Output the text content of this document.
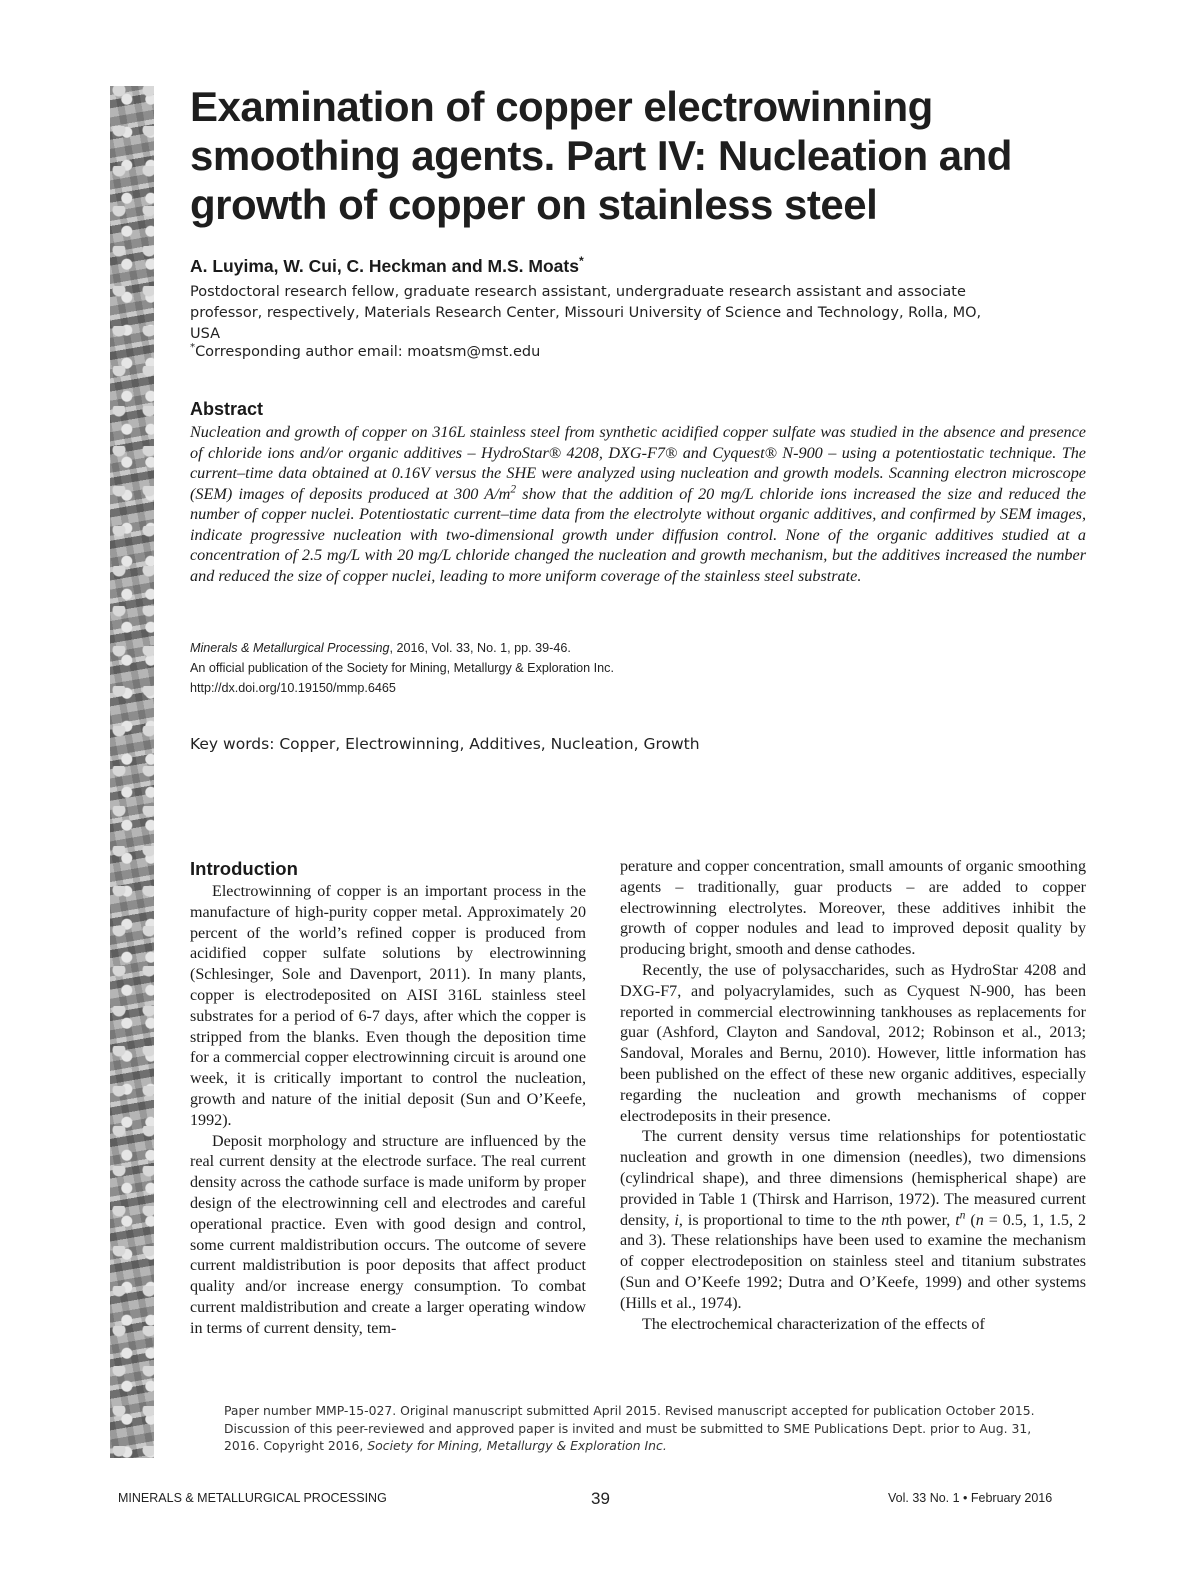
Examination of copper electrowinning smoothing agents. Part IV: Nucleation and growth of copper on stainless steel

A. Luyima, W. Cui, C. Heckman and M.S. Moats*

Postdoctoral research fellow, graduate research assistant, undergraduate research assistant and associate professor, respectively, Materials Research Center, Missouri University of Science and Technology, Rolla, MO, USA

*Corresponding author email: moatsm@mst.edu

Abstract

Nucleation and growth of copper on 316L stainless steel from synthetic acidified copper sulfate was studied in the absence and presence of chloride ions and/or organic additives – HydroStar® 4208, DXG-F7® and Cyquest® N-900 – using a potentiostatic technique. The current–time data obtained at 0.16V versus the SHE were analyzed using nucleation and growth models. Scanning electron microscope (SEM) images of deposits produced at 300 $A/m^2$ show that the addition of 20 mg/L chloride ions increased the size and reduced the number of copper nuclei. Potentiostatic current–time data from the electrolyte without organic additives, and confirmed by SEM images, indicate progressive nucleation with two-dimensional growth under diffusion control. None of the organic additives studied at a concentration of 2.5 mg/L with 20 mg/L chloride changed the nucleation and growth mechanism, but the additives increased the number and reduced the size of copper nuclei, leading to more uniform coverage of the stainless steel substrate.

Minerals & Metallurgical Processing, 2016, Vol. 33, No. 1, pp. 39-46.
An official publication of the Society for Mining, Metallurgy & Exploration Inc.
http://dx.doi.org/10.19150/mmp.6465

Key words: Copper, Electrowinning, Additives, Nucleation, Growth

Introduction

Electrowinning of copper is an important process in the manufacture of high-purity copper metal. Approximately 20 percent of the world’s refined copper is produced from acidified copper sulfate solutions by electrowinning (Schlesinger, Sole and Davenport, 2011). In many plants, copper is electrodeposited on AISI 316L stainless steel substrates for a period of 6-7 days, after which the copper is stripped from the blanks. Even though the deposition time for a commercial copper electrowinning circuit is around one week, it is critically important to control the nucleation, growth and nature of the initial deposit (Sun and O’Keefe, 1992).

Deposit morphology and structure are influenced by the real current density at the electrode surface. The real current density across the cathode surface is made uniform by proper design of the electrowinning cell and electrodes and careful operational practice. Even with good design and control, some current maldistribution occurs. The outcome of severe current maldistribution is poor deposits that affect product quality and/or increase energy consumption. To combat current maldistribution and create a larger operating window in terms of current density, tem-

perature and copper concentration, small amounts of organic smoothing agents – traditionally, guar products – are added to copper electrowinning electrolytes. Moreover, these additives inhibit the growth of copper nodules and lead to improved deposit quality by producing bright, smooth and dense cathodes.

Recently, the use of polysaccharides, such as HydroStar 4208 and DXG-F7, and polyacrylamides, such as Cyquest N-900, has been reported in commercial electrowinning tankhouses as replacements for guar (Ashford, Clayton and Sandoval, 2012; Robinson et al., 2013; Sandoval, Morales and Bernu, 2010). However, little information has been published on the effect of these new organic additives, especially regarding the nucleation and growth mechanisms of copper electrodeposits in their presence.

The current density versus time relationships for potentiostatic nucleation and growth in one dimension (needles), two dimensions (cylindrical shape), and three dimensions (hemispherical shape) are provided in Table 1 (Thirsk and Harrison, 1972). The measured current density, i, is proportional to time to the nth power, $t^n$ (n = 0.5, 1, 1.5, 2 and 3). These relationships have been used to examine the mechanism of copper electrodeposition on stainless steel and titanium substrates (Sun and O’Keefe 1992; Dutra and O’Keefe, 1999) and other systems (Hills et al., 1974).

The electrochemical characterization of the effects of

Paper number MMP-15-027. Original manuscript submitted April 2015. Revised manuscript accepted for publication October 2015. Discussion of this peer-reviewed and approved paper is invited and must be submitted to SME Publications Dept. prior to Aug. 31, 2016. Copyright 2016, Society for Mining, Metallurgy & Exploration Inc.

MINERALS & METALLURGICAL PROCESSING	39	Vol. 33 No. 1 • February 2016
